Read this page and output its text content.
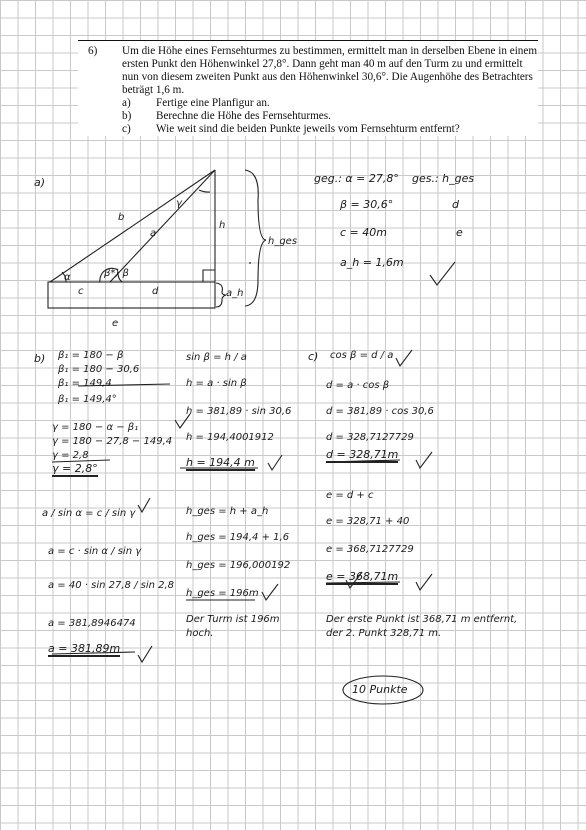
6) Um die Höhe eines Fernsehturmes zu bestimmen, ermittelt man in derselben Ebene in einem ersten Punkt den Höhenwinkel 27,8°. Dann geht man 40 m auf den Turm zu und ermittelt nun von diesem zweiten Punkt aus den Höhenwinkel 30,6°. Die Augenhöhe des Betrachters beträgt 1,6 m.
a)	Fertige eine Planfigur an.
b)	Berechne die Höhe des Fernsehturmes.
c)	Wie weit sind die beiden Punkte jeweils vom Fernsehturm entfernt?
a)
b
a
h
c	d
e
γ
α	β*) β
a_h
h_ges
geg.: α = 27,8° ges.: h_ges
β = 30,6°	d
c = 40m	e
a_h = 1,6m
b) β₁ = 180 − β
β₁ = 180 − 30,6
β₁ = 149,4
β₁ = 149,4°
γ = 180 − α − β₁
γ = 180 − 27,8 − 149,4
γ = 2,8
γ = 2,8°
a / sin α = c / sin γ
a = c · sin α / sin γ
a = 40 · sin 27,8 / sin 2,8
a = 381,8946474
a = 381,89m
sin β = h / a
h = a · sin β
h = 381,89 · sin 30,6
h = 194,4001912
h = 194,4 m
h_ges = h + a_h
h_ges = 194,4 + 1,6
h_ges = 196,000192
h_ges = 196m
Der Turm ist 196m
hoch.
c) cos β = d / a
d = a · cos β
d = 381,89 · cos 30,6
d = 328,7127729
d = 328,71m
e = d + c
e = 328,71 + 40
e = 368,7127729
e = 368,71m
Der erste Punkt ist 368,71 m entfernt,
der 2. Punkt 328,71 m.
10 Punkte
